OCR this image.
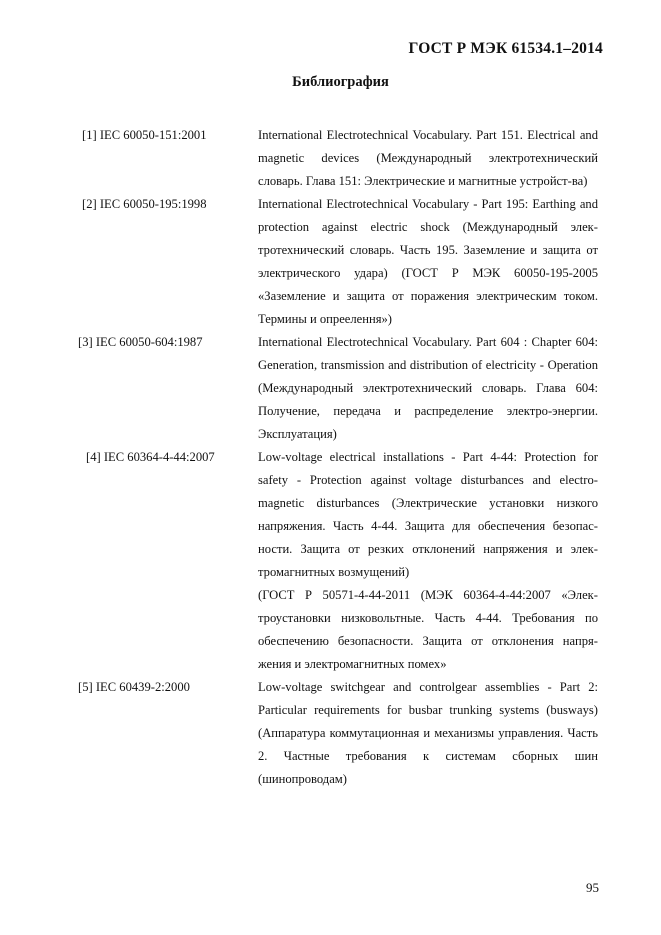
ГОСТ Р МЭК 61534.1–2014
Библиография
[1] IEC 60050-151:2001	International Electrotechnical Vocabulary. Part 151. Electrical and magnetic devices (Международный электротехнический словарь. Глава 151: Электрические и магнитные устройст-ва)

[2] IEC 60050-195:1998	International Electrotechnical Vocabulary - Part 195: Earthing and protection against electric shock (Международный элек-тротехнический словарь. Часть 195. Заземление и защита от электрического удара) (ГОСТ Р МЭК 60050-195-2005 «Заземление и защита от поражения электрическим током. Термины и опреелення»)

[3] IEC 60050-604:1987	International Electrotechnical Vocabulary. Part 604 : Chapter 604: Generation, transmission and distribution of electricity - Operation (Международный электротехнический словарь. Глава 604: Получение, передача и распределение электро-энергии. Эксплуатация)

[4] IEC 60364-4-44:2007	Low-voltage electrical installations - Part 4-44: Protection for safety - Protection against voltage disturbances and electro-magnetic disturbances (Электрические установки низкого напряжения. Часть 4-44. Защита для обеспечения безопас-ности. Защита от резких отклонений напряжения и элек-тромагнитных возмущений)

(ГОСТ Р 50571-4-44-2011 (МЭК 60364-4-44:2007 «Элек-троустановки низковольтные. Часть 4-44. Требования по обеспечению безопасности. Защита от отклонения напря-жения и электромагнитных помех»

[5] IEC 60439-2:2000	Low-voltage switchgear and controlgear assemblies - Part 2: Particular requirements for busbar trunking systems (busways) (Аппаратура коммутационная и механизмы управления. Часть 2. Частные требования к системам сборных шин (шинопроводам)

95
